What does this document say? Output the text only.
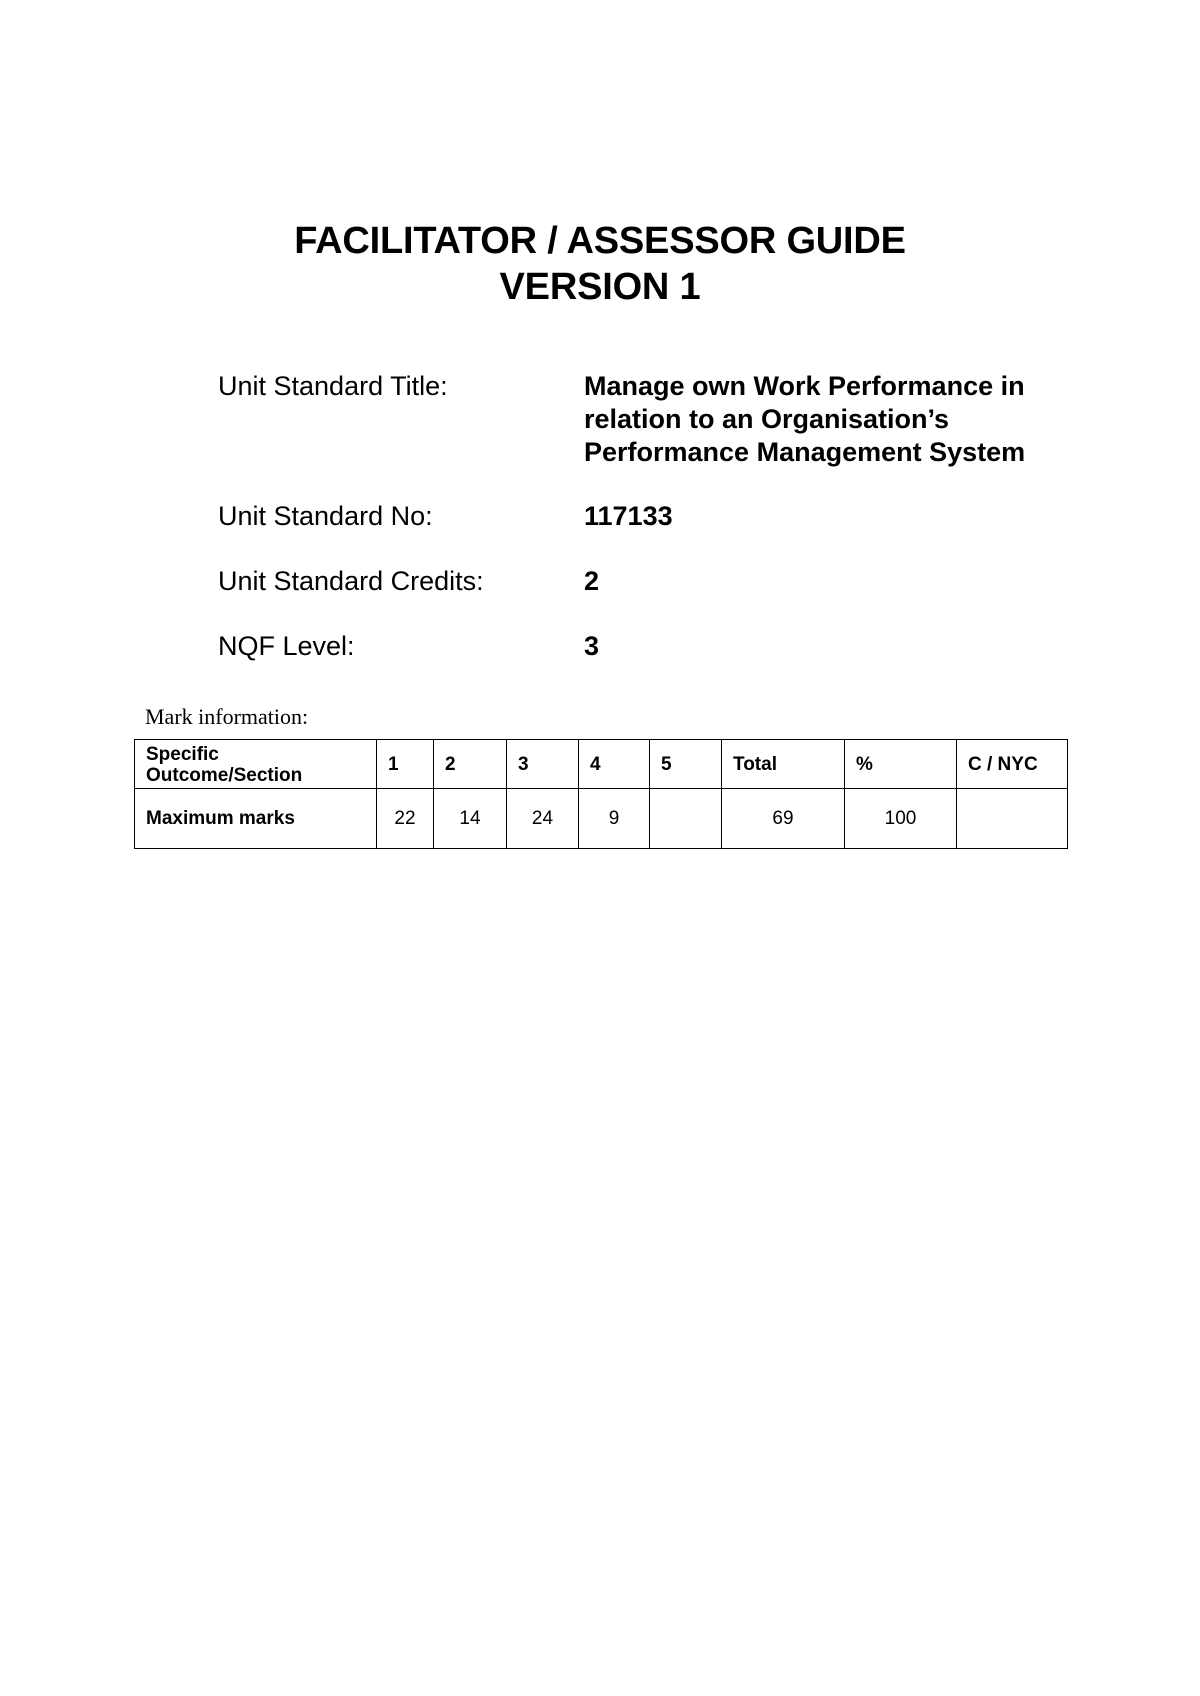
FACILITATOR / ASSESSOR GUIDE
VERSION 1
Unit Standard Title:	Manage own Work Performance in
relation to an Organisation’s
Performance Management System
Unit Standard No:	117133
Unit Standard Credits:	2
NQF Level:	3
Mark information:
Specific
Outcome/Section	1	2	3	4	5	Total	%	C / NYC
Maximum marks	22	14	24	9		69	100	
